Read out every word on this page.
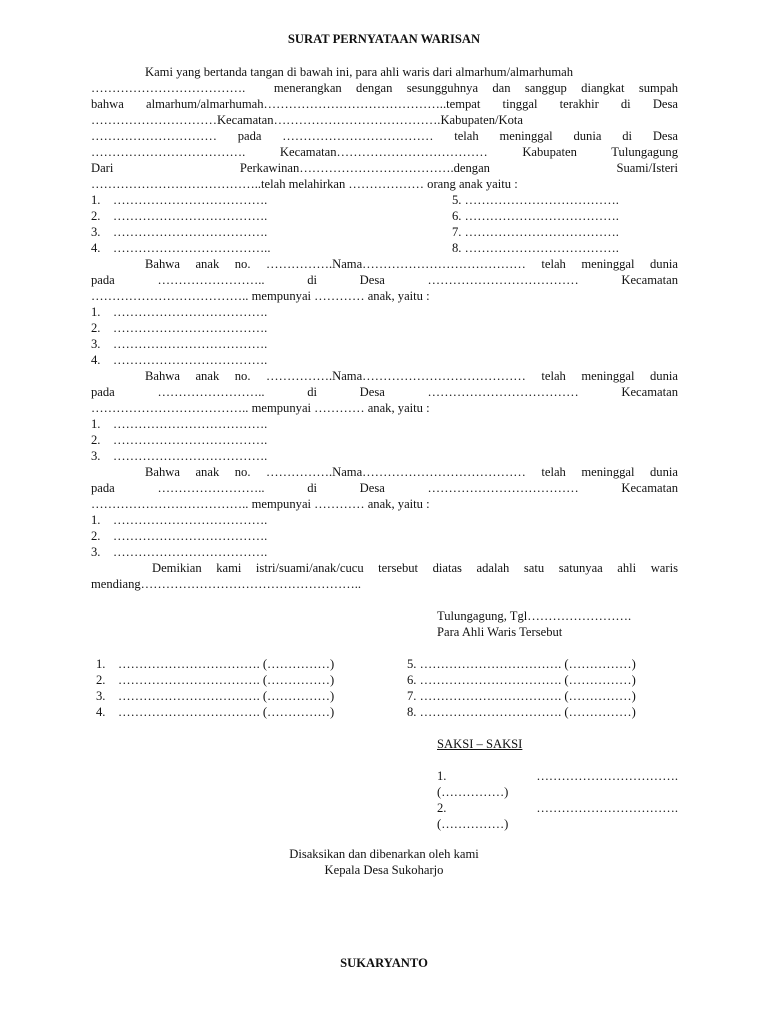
SURAT PERNYATAAN WARISAN
Kami yang bertanda tangan di bawah ini, para ahli waris dari almarhum/almarhumah
……………………………….  menerangkan dengan sesungguhnya dan sanggup diangkat sumpah
bahwa almarhum/almarhumah……………………………………..tempat tinggal terakhir di Desa
…………………………Kecamatan………………………………….Kabupaten/Kota
………………………… pada ……………………………… telah meninggal dunia di Desa
………………………………. Kecamatan……………………………… Kabupaten Tulungagung
Dari Perkawinan……………………………….dengan Suami/Isteri
…………………………………..telah melahirkan ……………… orang anak yaitu :
1.    ……………………………….
2.    ……………………………….
3.    ……………………………….
4.    ………………………………..
5. ……………………………….
6. ……………………………….
7. ……………………………….
8. ……………………………….
Bahwa anak no. …………….Nama………………………………… telah meninggal dunia
pada …………………….. di Desa ……………………………… Kecamatan
……………………………….. mempunyai ………… anak, yaitu :
1.    ……………………………….
2.    ……………………………….
3.    ……………………………….
4.    ……………………………….
Bahwa anak no. …………….Nama………………………………… telah meninggal dunia
pada …………………….. di Desa ……………………………… Kecamatan
……………………………….. mempunyai ………… anak, yaitu :
1.    ……………………………….
2.    ……………………………….
3.    ……………………………….
Bahwa anak no. …………….Nama………………………………… telah meninggal dunia
pada …………………….. di Desa ……………………………… Kecamatan
……………………………….. mempunyai ………… anak, yaitu :
1.    ……………………………….
2.    ……………………………….
3.    ……………………………….
Demikian kami istri/suami/anak/cucu tersebut diatas adalah satu satunyaa ahli waris
mendiang……………………………………………..
Tulungagung, Tgl…………………….
Para Ahli Waris Tersebut
1.    ……………………………. (……………)
2.    ……………………………. (……………)
3.    ……………………………. (……………)
4.    ……………………………. (……………)
5. ……………………………. (……………)
6. ……………………………. (……………)
7. ……………………………. (……………)
8. ……………………………. (……………)
SAKSI – SAKSI
1. …………………………….
(……………)
2. …………………………….
(……………)
Disaksikan dan dibenarkan oleh kami
Kepala Desa Sukoharjo
SUKARYANTO
